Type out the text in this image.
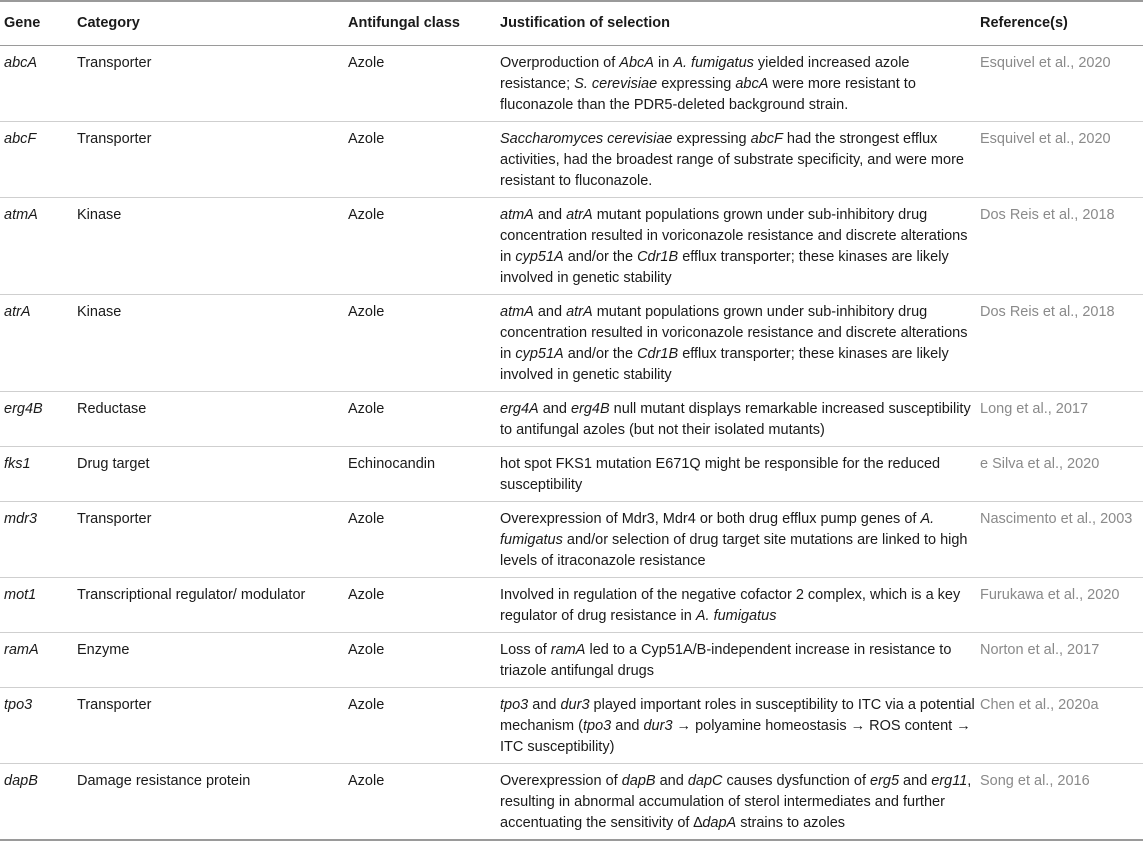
Gene	Category	Antifungal class	Justification of selection	Reference(s)
abcA	Transporter	Azole	Overproduction of AbcA in A. fumigatus yielded increased azole resistance; S. cerevisiae expressing abcA were more resistant to fluconazole than the PDR5-deleted background strain.	Esquivel et al., 2020
abcF	Transporter	Azole	Saccharomyces cerevisiae expressing abcF had the strongest efflux activities, had the broadest range of substrate specificity, and were more resistant to fluconazole.	Esquivel et al., 2020
atmA	Kinase	Azole	atmA and atrA mutant populations grown under sub-inhibitory drug concentration resulted in voriconazole resistance and discrete alterations in cyp51A and/or the Cdr1B efflux transporter; these kinases are likely involved in genetic stability	Dos Reis et al., 2018
atrA	Kinase	Azole	atmA and atrA mutant populations grown under sub-inhibitory drug concentration resulted in voriconazole resistance and discrete alterations in cyp51A and/or the Cdr1B efflux transporter; these kinases are likely involved in genetic stability	Dos Reis et al., 2018
erg4B	Reductase	Azole	erg4A and erg4B null mutant displays remarkable increased susceptibility to antifungal azoles (but not their isolated mutants)	Long et al., 2017
fks1	Drug target	Echinocandin	hot spot FKS1 mutation E671Q might be responsible for the reduced susceptibility	e Silva et al., 2020
mdr3	Transporter	Azole	Overexpression of Mdr3, Mdr4 or both drug efflux pump genes of A. fumigatus and/or selection of drug target site mutations are linked to high levels of itraconazole resistance	Nascimento et al., 2003
mot1	Transcriptional regulator/ modulator	Azole	Involved in regulation of the negative cofactor 2 complex, which is a key regulator of drug resistance in A. fumigatus	Furukawa et al., 2020
ramA	Enzyme	Azole	Loss of ramA led to a Cyp51A/B-independent increase in resistance to triazole antifungal drugs	Norton et al., 2017
tpo3	Transporter	Azole	tpo3 and dur3 played important roles in susceptibility to ITC via a potential mechanism (tpo3 and dur3 → polyamine homeostasis → ROS content → ITC susceptibility)	Chen et al., 2020a
dapB	Damage resistance protein	Azole	Overexpression of dapB and dapC causes dysfunction of erg5 and erg11, resulting in abnormal accumulation of sterol intermediates and further accentuating the sensitivity of ∆dapA strains to azoles	Song et al., 2016
